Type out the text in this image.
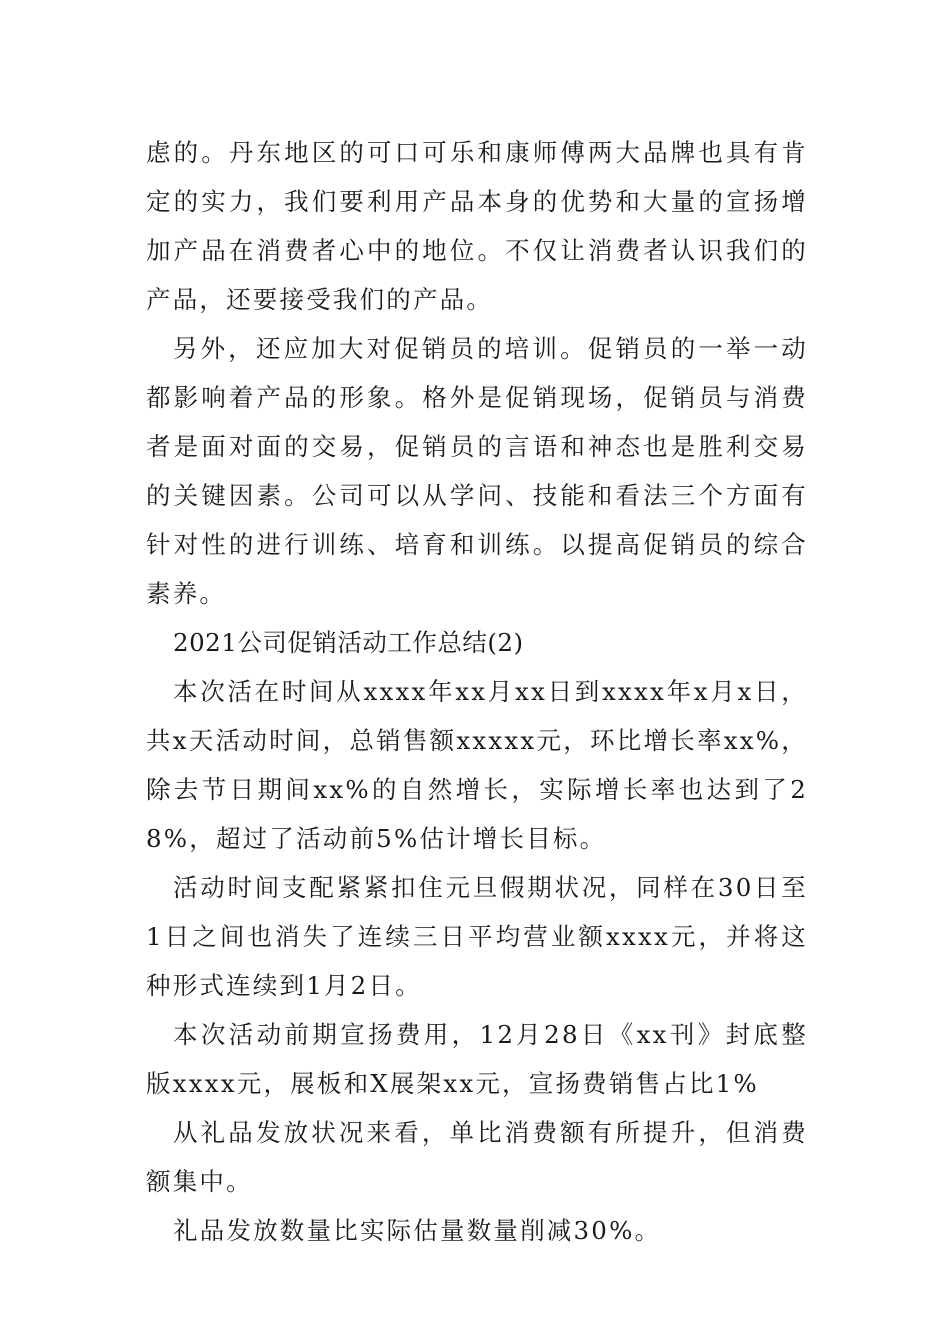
虑的。丹东地区的可口可乐和康师傅两大品牌也具有肯定的实力，我们要利用产品本身的优势和大量的宣扬增加产品在消费者心中的地位。不仅让消费者认识我们的产品，还要接受我们的产品。

另外，还应加大对促销员的培训。促销员的一举一动都影响着产品的形象。格外是促销现场，促销员与消费者是面对面的交易，促销员的言语和神态也是胜利交易的关键因素。公司可以从学问、技能和看法三个方面有针对性的进行训练、培育和训练。以提高促销员的综合素养。

2021公司促销活动工作总结(2)

本次活在时间从xxxx年xx月xx日到xxxx年x月x日，共x天活动时间，总销售额xxxxx元，环比增长率xx%，除去节日期间xx%的自然增长，实际增长率也达到了28%，超过了活动前5%估计增长目标。

活动时间支配紧紧扣住元旦假期状况，同样在30日至1日之间也消失了连续三日平均营业额xxxx元，并将这种形式连续到1月2日。

本次活动前期宣扬费用，12月28日《xx刊》封底整版xxxx元，展板和X展架xx元，宣扬费销售占比1%

从礼品发放状况来看，单比消费额有所提升，但消费额集中。

礼品发放数量比实际估量数量削减30%。
